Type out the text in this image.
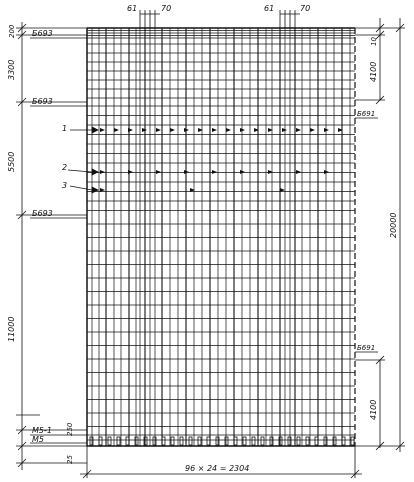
61	70	61	70
200
3300
5500
11000
250
25
Б693
Б693
Б693
М5-1
М5
1
2
3
10
4100
20000
4100
Б691
Б691
96 × 24 = 2304
